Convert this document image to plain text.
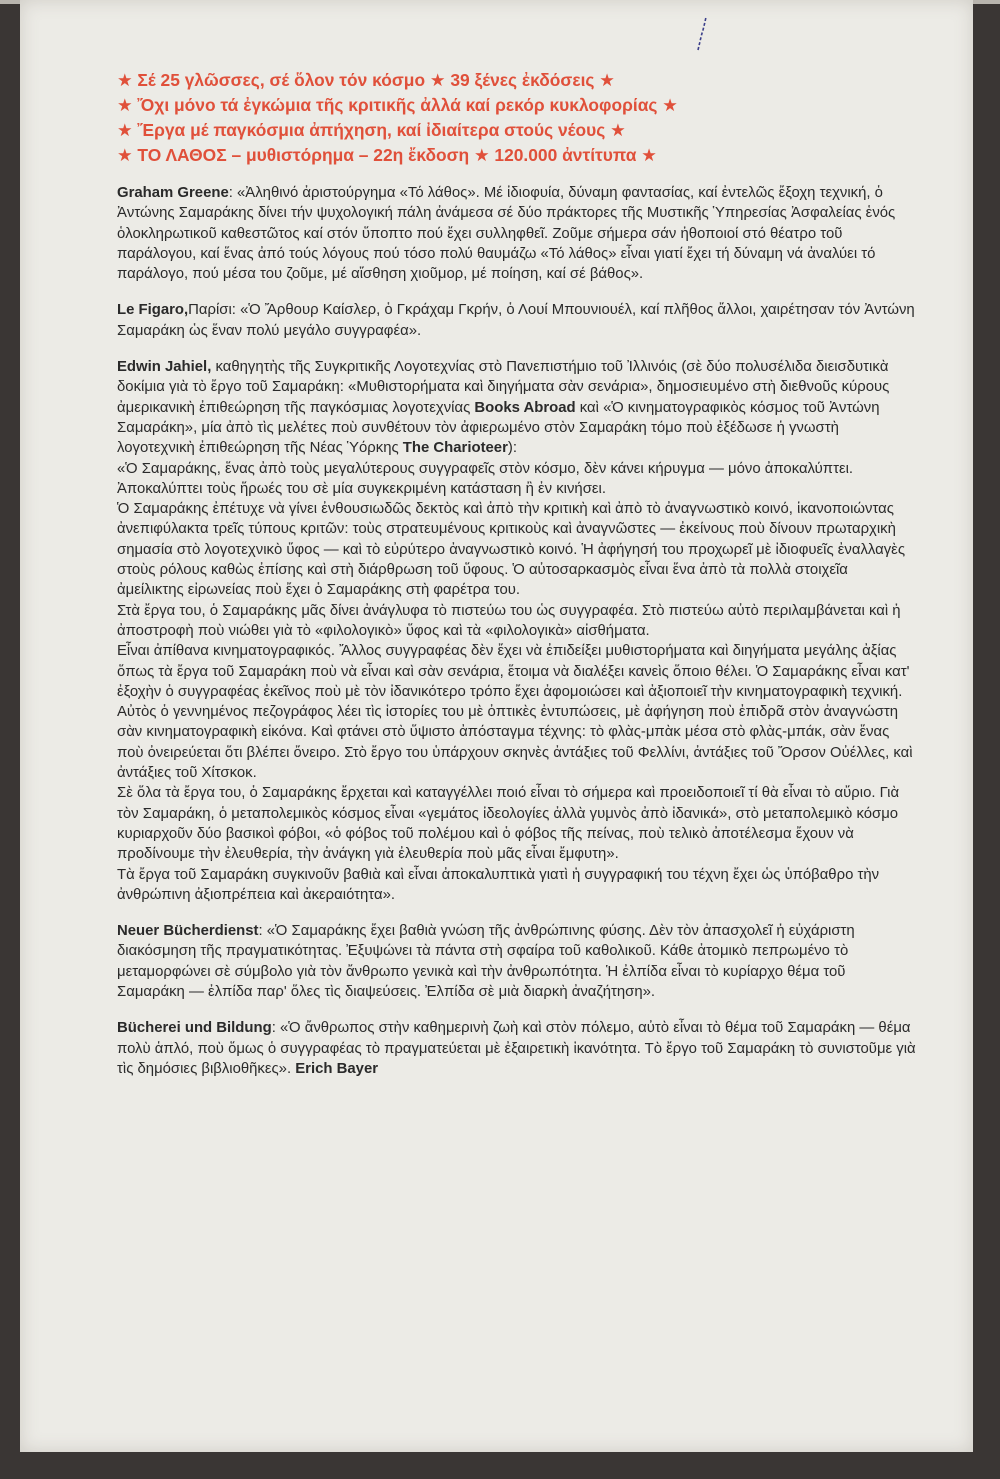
★ Σέ 25 γλῶσσες, σέ ὅλον τόν κόσμο ★ 39 ξένες ἐκδόσεις ★
★ Ὄχι μόνο τά ἐγκώμια τῆς κριτικῆς ἀλλά καί ρεκόρ κυκλοφορίας ★
★ Ἔργα μέ παγκόσμια ἀπήχηση, καί ἰδιαίτερα στούς νέους ★
★ ΤΟ ΛΑΘΟΣ – μυθιστόρημα – 22η ἔκδοση ★ 120.000 ἀντίτυπα ★

Graham Greene: «Ἀληθινό ἀριστούργημα «Τό λάθος». Μέ ἰδιοφυία, δύναμη φαντασίας, καί ἐντελῶς ἔξοχη τεχνική, ὁ Ἀντώνης Σαμαράκης δίνει τήν ψυχολογική πάλη ἀνάμεσα σέ δύο πράκτορες τῆς Μυστικῆς Ὑπηρεσίας Ἀσφαλείας ἑνός ὁλοκληρωτικοῦ καθεστῶτος καί στόν ὕποπτο πού ἔχει συλληφθεῖ. Ζοῦμε σήμερα σάν ἠθοποιοί στό θέατρο τοῦ παράλογου, καί ἕνας ἀπό τούς λόγους πού τόσο πολύ θαυμάζω «Τό λάθος» εἶναι γιατί ἔχει τή δύναμη νά ἀναλύει τό παράλογο, πού μέσα του ζοῦμε, μέ αἴσθηση χιοῦμορ, μέ ποίηση, καί σέ βάθος».

Le Figaro,Παρίσι: «Ὁ Ἄρθουρ Καίσλερ, ὁ Γκράχαμ Γκρήν, ὁ Λουί Μπουνιουέλ, καί πλῆθος ἄλλοι, χαιρέτησαν τόν Ἀντώνη Σαμαράκη ὡς ἕναν πολύ μεγάλο συγγραφέα».

Edwin Jahiel, καθηγητὴς τῆς Συγκριτικῆς Λογοτεχνίας στὸ Πανεπιστήμιο τοῦ Ἰλλινόις (σὲ δύο πολυσέλιδα διεισδυτικὰ δοκίμια γιὰ τὸ ἔργο τοῦ Σαμαράκη: «Μυθιστορήματα καὶ διηγήματα σὰν σενάρια», δημοσιευμένο στὴ διεθνοῦς κύρους ἀμερικανικὴ ἐπιθεώρηση τῆς παγκόσμιας λογοτεχνίας Books Abroad καὶ «Ὁ κινηματογραφικὸς κόσμος τοῦ Ἀντώνη Σαμαράκη», μία ἀπὸ τὶς μελέτες ποὺ συνθέτουν τὸν ἀφιερωμένο στὸν Σαμαράκη τόμο ποὺ ἐξέδωσε ἡ γνωστὴ λογοτεχνικὴ ἐπιθεώρηση τῆς Νέας Ὑόρκης The Charioteer):

«Ὁ Σαμαράκης, ἕνας ἀπὸ τοὺς μεγαλύτερους συγγραφεῖς στὸν κόσμο, δὲν κάνει κήρυγμα — μόνο ἀποκαλύπτει. Ἀποκαλύπτει τοὺς ἥρωές του σὲ μία συγκεκριμένη κατάσταση ἢ ἐν κινήσει.

Ὁ Σαμαράκης ἐπέτυχε νὰ γίνει ἐνθουσιωδῶς δεκτὸς καὶ ἀπὸ τὴν κριτικὴ καὶ ἀπὸ τὸ ἀναγνωστικὸ κοινό, ἱκανοποιώντας ἀνεπιφύλακτα τρεῖς τύπους κριτῶν: τοὺς στρατευμένους κριτικοὺς καὶ ἀναγνῶστες — ἐκείνους ποὺ δίνουν πρωταρχικὴ σημασία στὸ λογοτεχνικὸ ὕφος — καὶ τὸ εὐρύτερο ἀναγνωστικὸ κοινό. Ἡ ἀφήγησή του προχωρεῖ μὲ ἰδιοφυεῖς ἐναλλαγὲς στοὺς ρόλους καθὼς ἐπίσης καὶ στὴ διάρθρωση τοῦ ὕφους. Ὁ αὐτοσαρκασμὸς εἶναι ἕνα ἀπὸ τὰ πολλὰ στοιχεῖα ἀμείλικτης εἰρωνείας ποὺ ἔχει ὁ Σαμαράκης στὴ φαρέτρα του.

Στὰ ἔργα του, ὁ Σαμαράκης μᾶς δίνει ἀνάγλυφα τὸ πιστεύω του ὡς συγγραφέα. Στὸ πιστεύω αὐτὸ περιλαμβάνεται καὶ ἡ ἀποστροφὴ ποὺ νιώθει γιὰ τὸ «φιλολογικὸ» ὕφος καὶ τὰ «φιλολογικὰ» αἰσθήματα.

Εἶναι ἀπίθανα κινηματογραφικός. Ἄλλος συγγραφέας δὲν ἔχει νὰ ἐπιδείξει μυθιστορήματα καὶ διηγήματα μεγάλης ἀξίας ὅπως τὰ ἔργα τοῦ Σαμαράκη ποὺ νὰ εἶναι καὶ σὰν σενάρια, ἕτοιμα νὰ διαλέξει κανεὶς ὅποιο θέλει. Ὁ Σαμαράκης εἶναι κατ' ἐξοχὴν ὁ συγγραφέας ἐκεῖνος ποὺ μὲ τὸν ἰδανικότερο τρόπο ἔχει ἀφομοιώσει καὶ ἀξιοποιεῖ τὴν κινηματογραφικὴ τεχνική. Αὐτὸς ὁ γεννημένος πεζογράφος λέει τὶς ἱστορίες του μὲ ὀπτικὲς ἐντυπώσεις, μὲ ἀφήγηση ποὺ ἐπιδρᾶ στὸν ἀναγνώστη σὰν κινηματογραφικὴ εἰκόνα. Καὶ φτάνει στὸ ὕψιστο ἀπόσταγμα τέχνης: τὸ φλὰς-μπὰκ μέσα στὸ φλὰς-μπάκ, σὰν ἕνας ποὺ ὀνειρεύεται ὅτι βλέπει ὄνειρο. Στὸ ἔργο του ὑπάρχουν σκηνὲς ἀντάξιες τοῦ Φελλίνι, ἀντάξιες τοῦ Ὄρσον Οὐέλλες, καὶ ἀντάξιες τοῦ Χίτσκοκ.

Σὲ ὅλα τὰ ἔργα του, ὁ Σαμαράκης ἔρχεται καὶ καταγγέλλει ποιό εἶναι τὸ σήμερα καὶ προειδοποιεῖ τί θὰ εἶναι τὸ αὔριο. Γιὰ τὸν Σαμαράκη, ὁ μεταπολεμικὸς κόσμος εἶναι «γεμάτος ἰδεολογίες ἀλλὰ γυμνὸς ἀπὸ ἰδανικά», στὸ μεταπολεμικὸ κόσμο κυριαρχοῦν δύο βασικοὶ φόβοι, «ὁ φόβος τοῦ πολέμου καὶ ὁ φόβος τῆς πείνας, ποὺ τελικὸ ἀποτέλεσμα ἔχουν νὰ προδίνουμε τὴν ἐλευθερία, τὴν ἀνάγκη γιὰ ἐλευθερία ποὺ μᾶς εἶναι ἔμφυτη».

Τὰ ἔργα τοῦ Σαμαράκη συγκινοῦν βαθιὰ καὶ εἶναι ἀποκαλυπτικὰ γιατὶ ἡ συγγραφική του τέχνη ἔχει ὡς ὑπόβαθρο τὴν ἀνθρώπινη ἀξιοπρέπεια καὶ ἀκεραιότητα».

Neuer Bücherdienst: «Ὁ Σαμαράκης ἔχει βαθιὰ γνώση τῆς ἀνθρώπινης φύσης. Δὲν τὸν ἀπασχολεῖ ἡ εὐχάριστη διακόσμηση τῆς πραγματικότητας. Ἐξυψώνει τὰ πάντα στὴ σφαίρα τοῦ καθολικοῦ. Κάθε ἀτομικὸ πεπρωμένο τὸ μεταμορφώνει σὲ σύμβολο γιὰ τὸν ἄνθρωπο γενικὰ καὶ τὴν ἀνθρωπότητα. Ἡ ἐλπίδα εἶναι τὸ κυρίαρχο θέμα τοῦ Σαμαράκη — ἐλπίδα παρ' ὅλες τὶς διαψεύσεις. Ἐλπίδα σὲ μιὰ διαρκὴ ἀναζήτηση».

Bücherei und Bildung: «Ὁ ἄνθρωπος στὴν καθημερινὴ ζωὴ καὶ στὸν πόλεμο, αὐτὸ εἶναι τὸ θέμα τοῦ Σαμαράκη — θέμα πολὺ ἁπλό, ποὺ ὅμως ὁ συγγραφέας τὸ πραγματεύεται μὲ ἐξαιρετικὴ ἱκανότητα. Τὸ ἔργο τοῦ Σαμαράκη τὸ συνιστοῦμε γιὰ τὶς δημόσιες βιβλιοθῆκες». Erich Bayer
